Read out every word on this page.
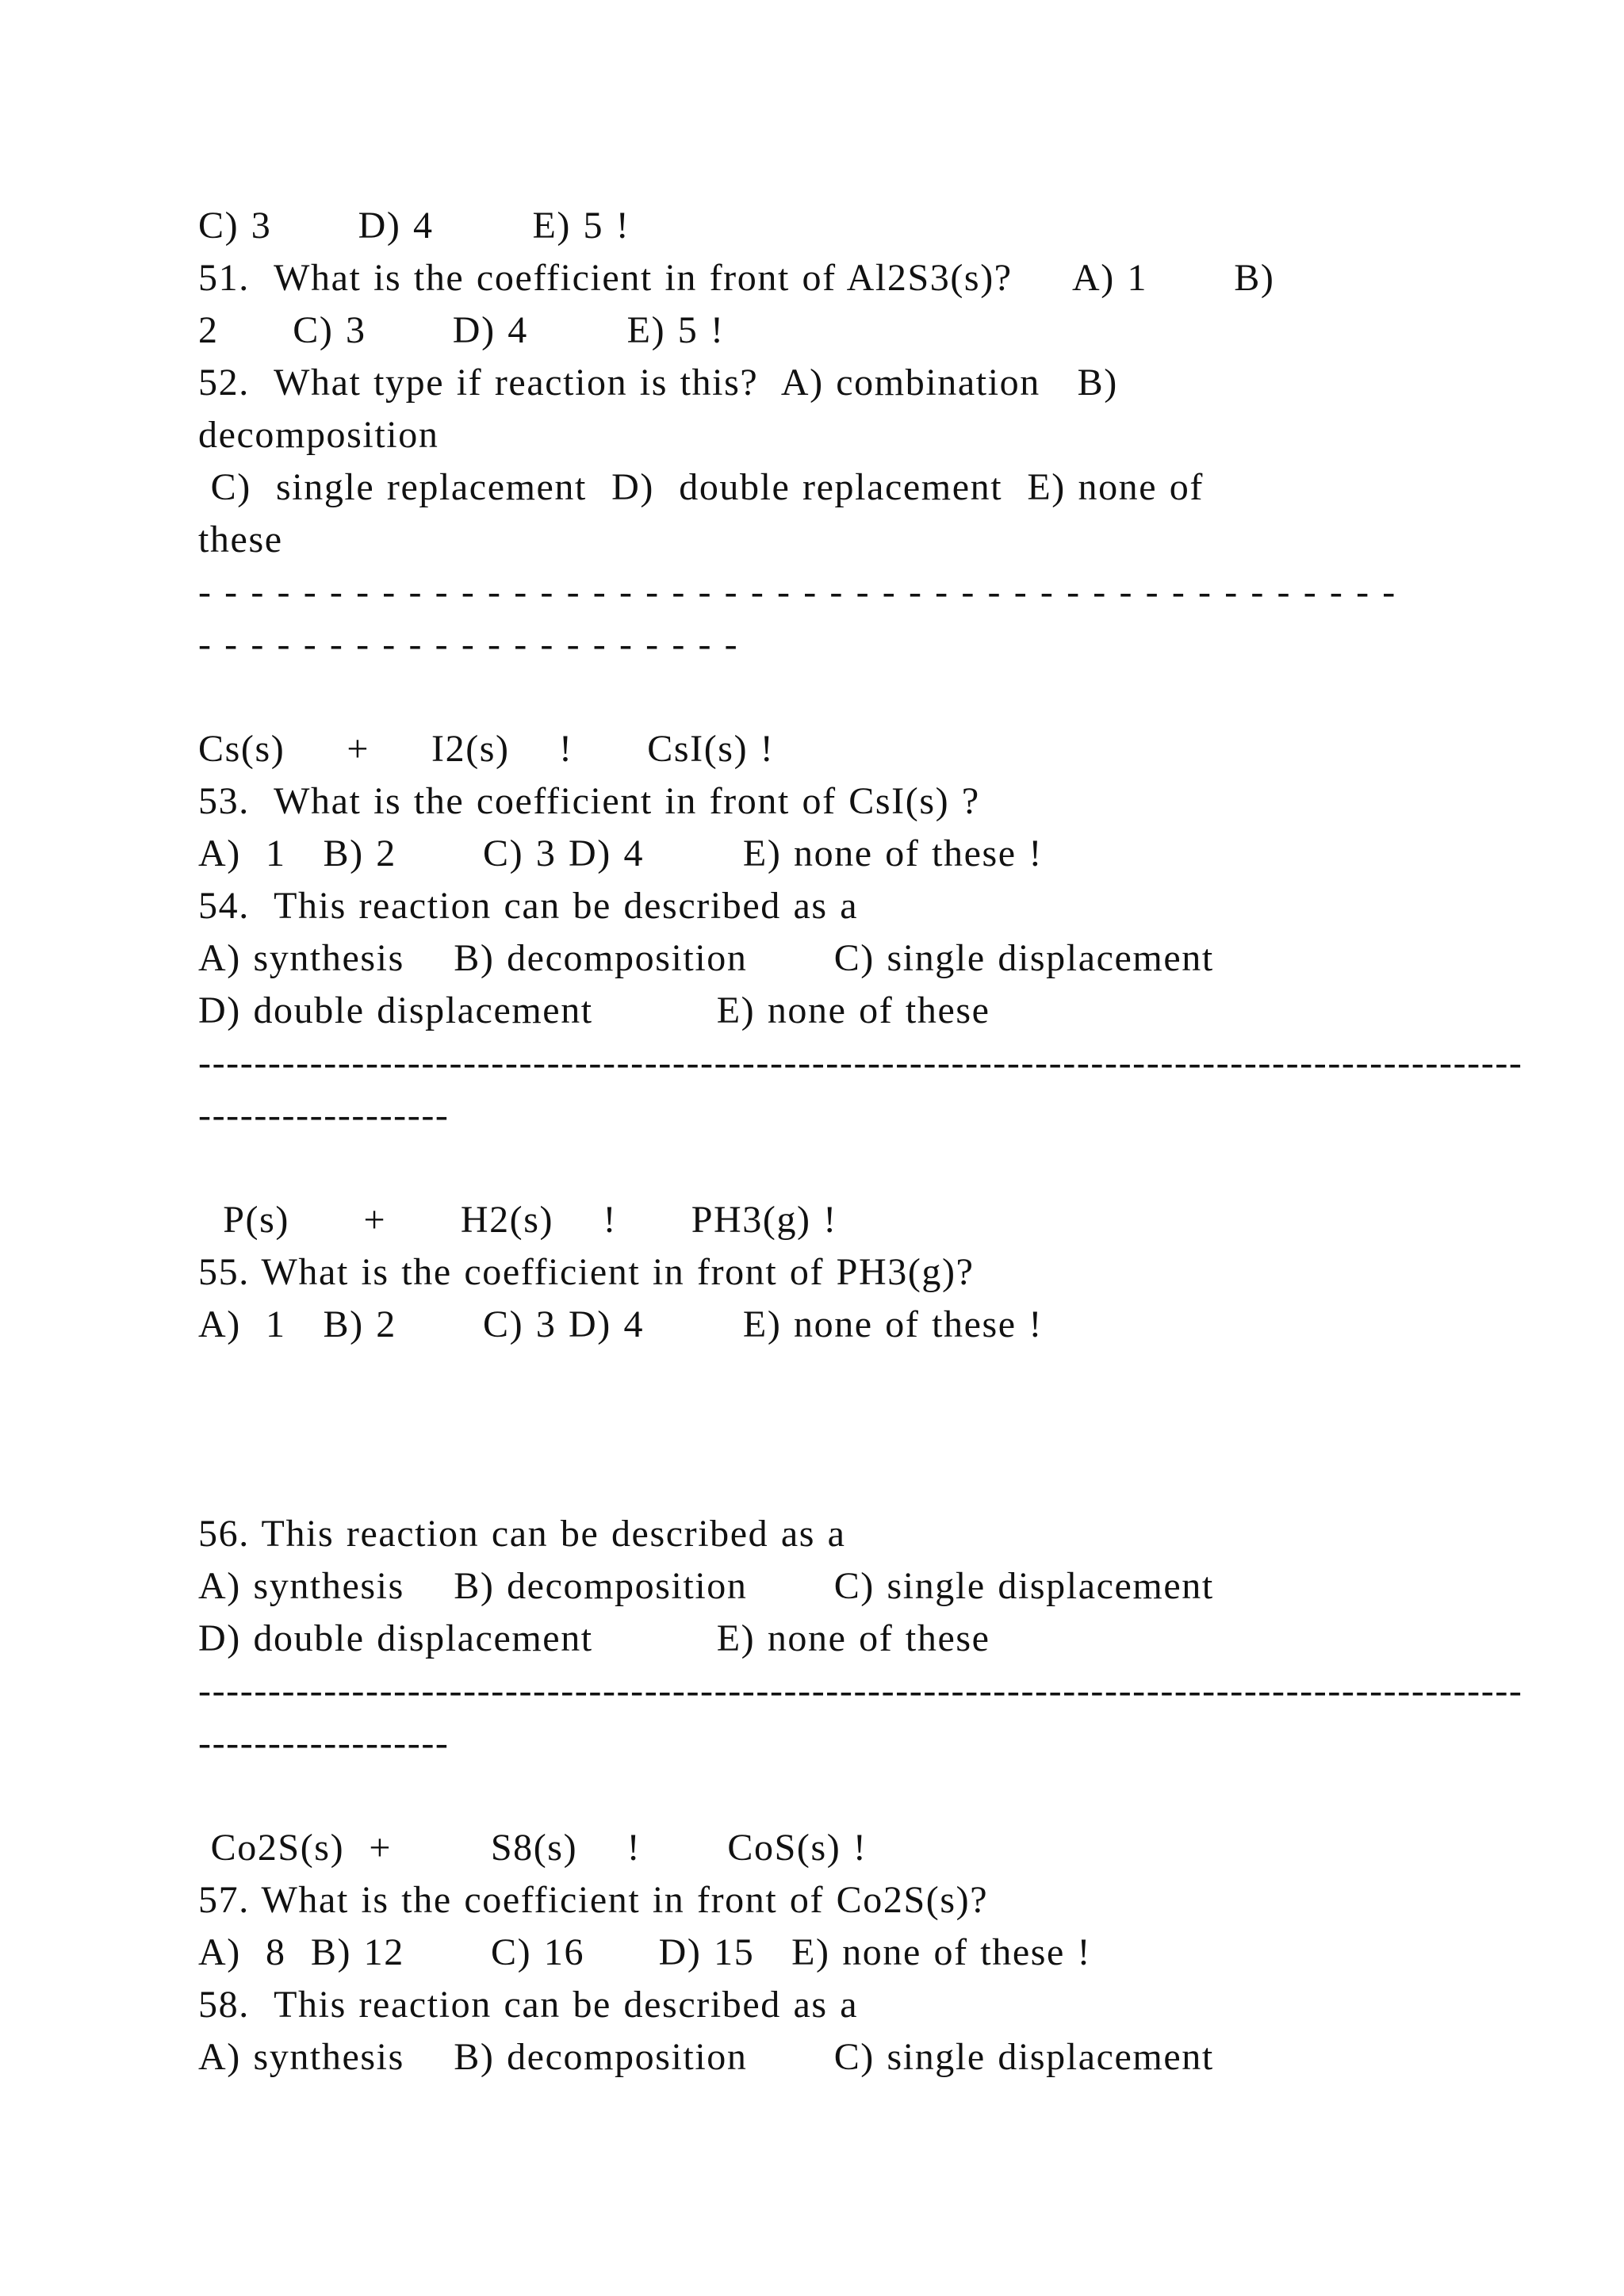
C) 3       D) 4        E) 5 !
51.  What is the coefficient in front of Al2S3(s)?     A) 1       B)
2      C) 3       D) 4        E) 5 !
52.  What type if reaction is this?  A) combination   B)
decomposition
C)  single replacement  D)  double replacement  E) none of
these
- - - - - - - - - - - - - - - - - - - - - - - - - - - - - - - - - - - - - - - - - - - - - -
- - - - - - - - - - - - - - - - - - - - -
Cs(s)     +     I2(s)    !      CsI(s) !
53.  What is the coefficient in front of CsI(s) ?
A)  1   B) 2       C) 3 D) 4        E) none of these !
54.  This reaction can be described as a
A) synthesis    B) decomposition       C) single displacement
D) double displacement          E) none of these
-----------------------------------------------------------------------------------------------
------------------
P(s)      +      H2(s)    !      PH3(g) !
55. What is the coefficient in front of PH3(g)?
A)  1   B) 2       C) 3 D) 4        E) none of these !
56. This reaction can be described as a
A) synthesis    B) decomposition       C) single displacement
D) double displacement          E) none of these
-----------------------------------------------------------------------------------------------
------------------
Co2S(s)  +        S8(s)    !       CoS(s) !
57. What is the coefficient in front of Co2S(s)?
A)  8  B) 12       C) 16      D) 15   E) none of these !
58.  This reaction can be described as a
A) synthesis    B) decomposition       C) single displacement
